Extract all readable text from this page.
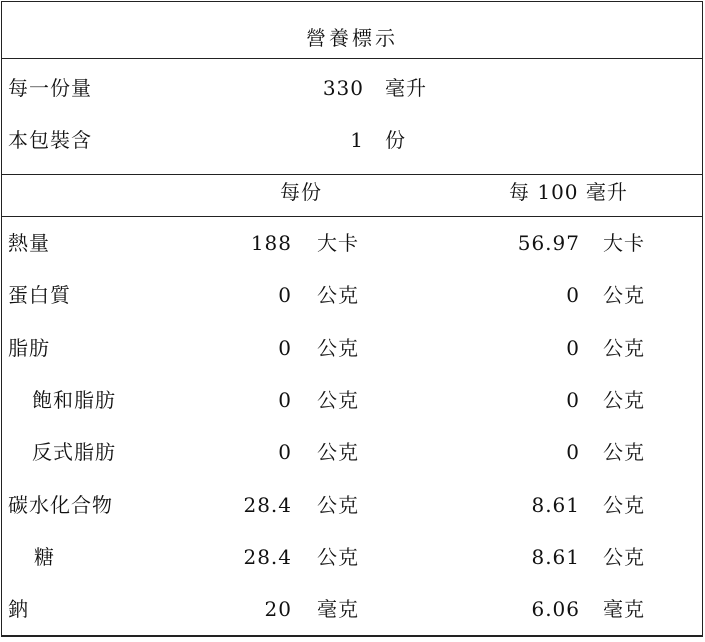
營養標示
每一份量	330 毫升
本包裝含	1 份
每份	每 100 毫升
熱量	188 大卡	56.97 大卡
蛋白質	0 公克	0 公克
脂肪	0 公克	0 公克
飽和脂肪	0 公克	0 公克
反式脂肪	0 公克	0 公克
碳水化合物	28.4 公克	8.61 公克
糖	28.4 公克	8.61 公克
鈉	20 毫克	6.06 毫克
